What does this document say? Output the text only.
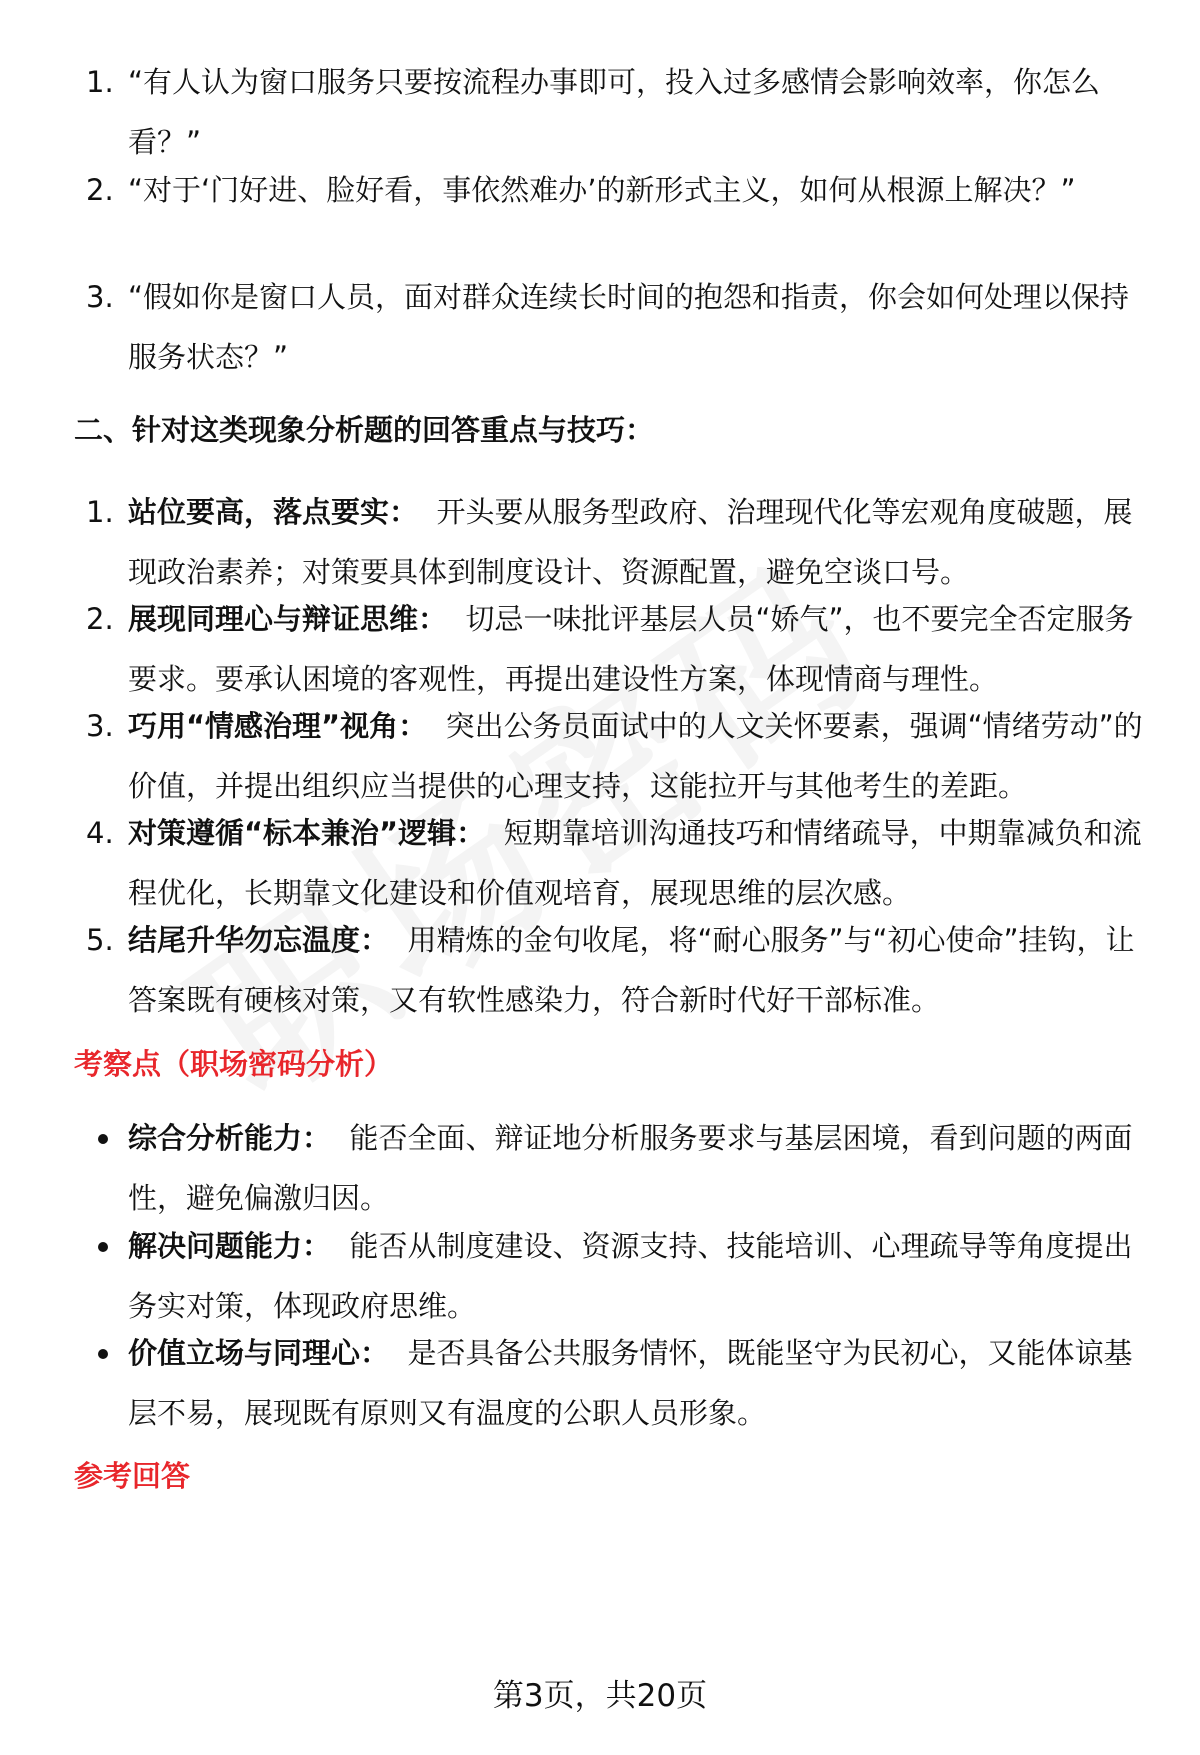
1. “有人认为窗口服务只要按流程办事即可，投入过多感情会影响效率，你怎么看？”
2. “对于‘门好进、脸好看，事依然难办’的新形式主义，如何从根源上解决？”
3. “假如你是窗口人员，面对群众连续长时间的抱怨和指责，你会如何处理以保持服务状态？”
二、针对这类现象分析题的回答重点与技巧：
1. 站位要高，落点要实： 开头要从服务型政府、治理现代化等宏观角度破题，展现政治素养；对策要具体到制度设计、资源配置，避免空谈口号。
2. 展现同理心与辩证思维： 切忌一味批评基层人员“娇气”，也不要完全否定服务要求。要承认困境的客观性，再提出建设性方案，体现情商与理性。
3. 巧用“情感治理”视角： 突出公务员面试中的人文关怀要素，强调“情绪劳动”的价值，并提出组织应当提供的心理支持，这能拉开与其他考生的差距。
4. 对策遵循“标本兼治”逻辑： 短期靠培训沟通技巧和情绪疏导，中期靠减负和流程优化，长期靠文化建设和价值观培育，展现思维的层次感。
5. 结尾升华勿忘温度： 用精炼的金句收尾，将“耐心服务”与“初心使命”挂钩，让答案既有硬核对策，又有软性感染力，符合新时代好干部标准。
考察点（职场密码分析）
综合分析能力： 能否全面、辩证地分析服务要求与基层困境，看到问题的两面性，避免偏激归因。
解决问题能力： 能否从制度建设、资源支持、技能培训、心理疏导等角度提出务实对策，体现政府思维。
价值立场与同理心： 是否具备公共服务情怀，既能坚守为民初心，又能体谅基层不易，展现既有原则又有温度的公职人员形象。
参考回答
第3页，共20页
